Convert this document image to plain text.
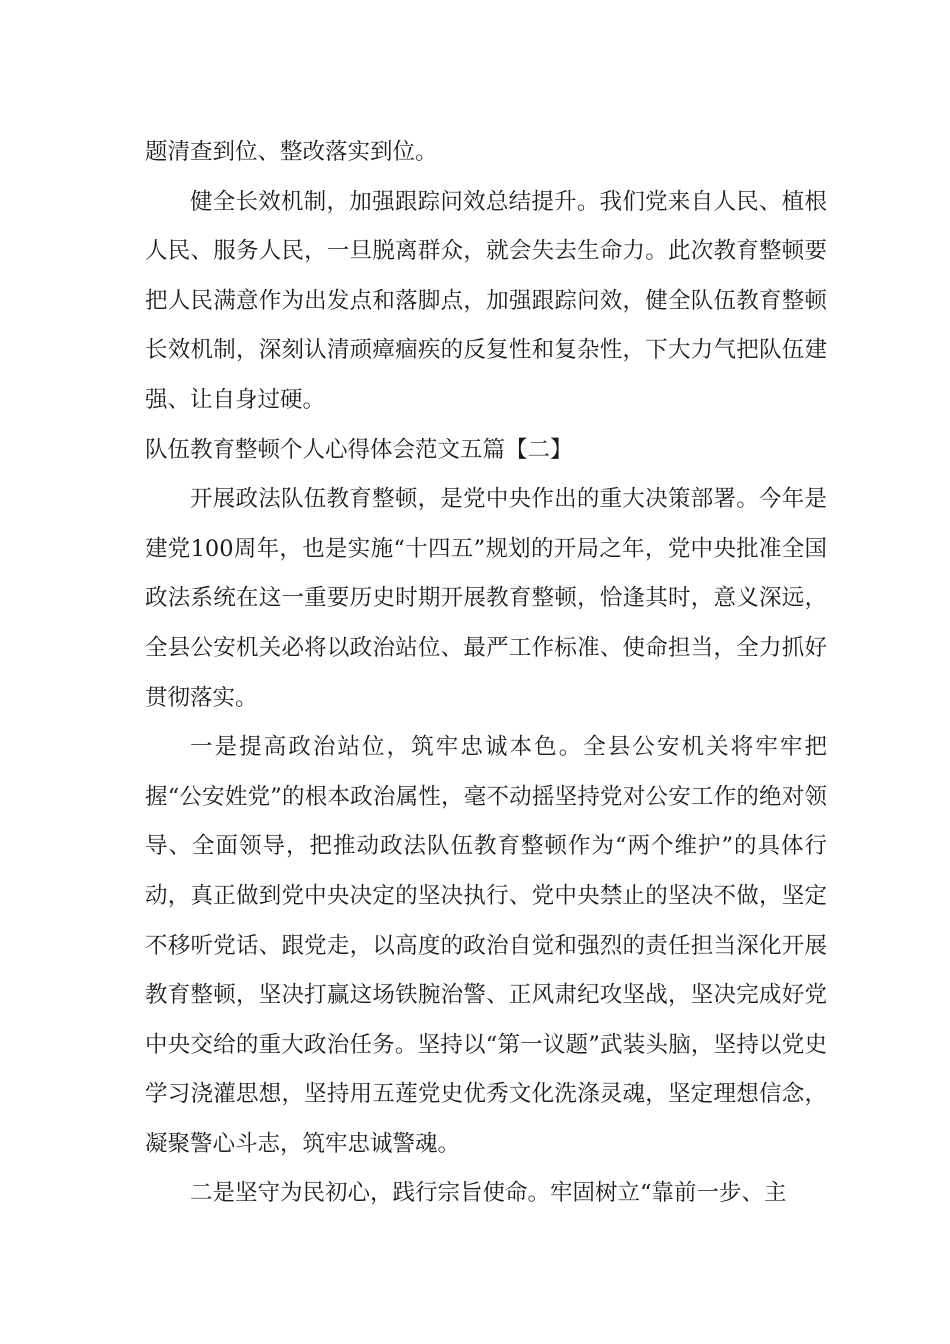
题清查到位、整改落实到位。

健全长效机制，加强跟踪问效总结提升。我们党来自人民、植根人民、服务人民，一旦脱离群众，就会失去生命力。此次教育整顿要把人民满意作为出发点和落脚点，加强跟踪问效，健全队伍教育整顿长效机制，深刻认清顽瘴痼疾的反复性和复杂性，下大力气把队伍建强、让自身过硬。

队伍教育整顿个人心得体会范文五篇【二】

开展政法队伍教育整顿，是党中央作出的重大决策部署。今年是建党100周年，也是实施“十四五”规划的开局之年，党中央批准全国政法系统在这一重要历史时期开展教育整顿，恰逢其时，意义深远，全县公安机关必将以政治站位、最严工作标准、使命担当，全力抓好贯彻落实。

一是提高政治站位，筑牢忠诚本色。全县公安机关将牢牢把握“公安姓党”的根本政治属性，毫不动摇坚持党对公安工作的绝对领导、全面领导，把推动政法队伍教育整顿作为“两个维护”的具体行动，真正做到党中央决定的坚决执行、党中央禁止的坚决不做，坚定不移听党话、跟党走，以高度的政治自觉和强烈的责任担当深化开展教育整顿，坚决打赢这场铁腕治警、正风肃纪攻坚战，坚决完成好党中央交给的重大政治任务。坚持以“第一议题”武装头脑，坚持以党史学习浇灌思想，坚持用五莲党史优秀文化洗涤灵魂，坚定理想信念，凝聚警心斗志，筑牢忠诚警魂。

二是坚守为民初心，践行宗旨使命。牢固树立“靠前一步、主
